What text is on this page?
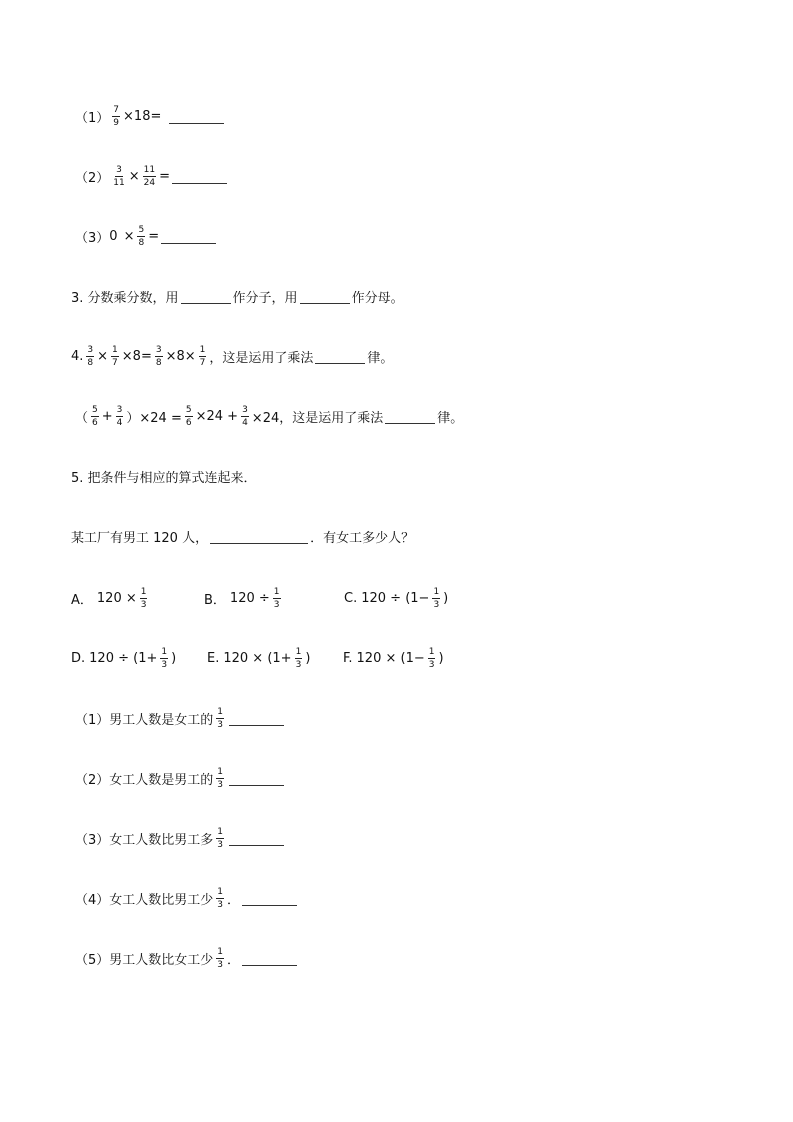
$(1) \frac{7}{9} \times 18=$
$(2) \frac{3}{11} \times \frac{11}{24}$ =
（3） $0 \times \frac{5}{8}$ =
3. 分数乘分数，用	作分子，用	作分母。
4. $\frac{3}{8} \times \frac{1}{7} \times 8= \frac{3}{8} \times 8\times \frac{1}{7}$ ，这是运用了乘法	律。
（ $\frac{5}{6} + \frac{3}{4} )\times 24 = \frac{5}{6} \times 24 + \frac{3}{4} \times 24$，这是运用了乘法	律。
5. 把条件与相应的算式连起来．
某工厂有男工 120 人，	．有女工多少人？
A． $120 \times \frac{1}{3}$	B． $120 \div \frac{1}{3}$	C. $120 \div (1- \frac{1}{3}$ )
D. $120 \div (1+ \frac{1}{3}$ ) E. $120 \times (1+ \frac{1}{3}$ )	F. $120 \times (1- \frac{1}{3}$ )
（1） 男工人数是女工的 $\frac{1}{3}$
（2） 女工人数是男工的 $\frac{1}{3}$
（3） 女工人数比男工多 $\frac{1}{3}$
（4） 女工人数比男工少 $\frac{1}{3}$ ．
（5） 男工人数比女工少 $\frac{1}{3}$ ．
